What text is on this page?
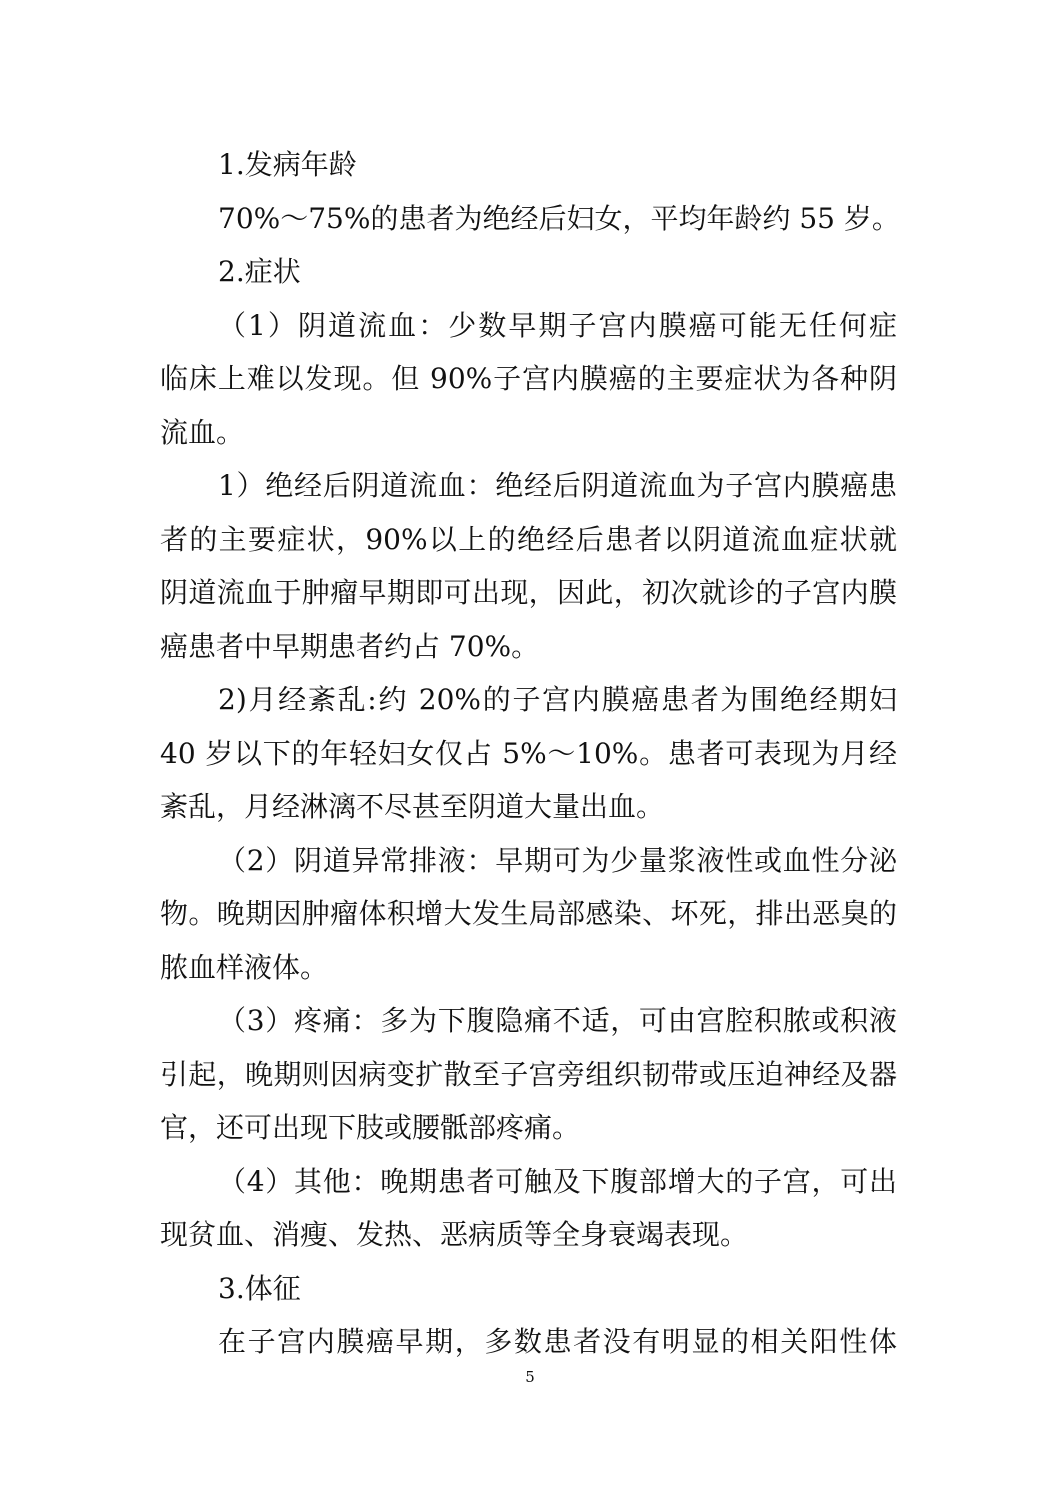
1.发病年龄
70%～75%的患者为绝经后妇女，平均年龄约 55 岁。
2.症状
（1）阴道流血：少数早期子宫内膜癌可能无任何症
临床上难以发现。但 90%子宫内膜癌的主要症状为各种阴
流血。
1）绝经后阴道流血：绝经后阴道流血为子宫内膜癌患
者的主要症状，90%以上的绝经后患者以阴道流血症状就
阴道流血于肿瘤早期即可出现，因此，初次就诊的子宫内膜
癌患者中早期患者约占 70%。
2)月经紊乱:约 20%的子宫内膜癌患者为围绝经期妇
40 岁以下的年轻妇女仅占 5%～10%。患者可表现为月经
紊乱，月经淋漓不尽甚至阴道大量出血。
（2）阴道异常排液：早期可为少量浆液性或血性分泌
物。晚期因肿瘤体积增大发生局部感染、坏死，排出恶臭的
脓血样液体。
（3）疼痛：多为下腹隐痛不适，可由宫腔积脓或积液
引起，晚期则因病变扩散至子宫旁组织韧带或压迫神经及器
官，还可出现下肢或腰骶部疼痛。
（4）其他：晚期患者可触及下腹部增大的子宫，可出
现贫血、消瘦、发热、恶病质等全身衰竭表现。
3.体征
在子宫内膜癌早期，多数患者没有明显的相关阳性体
5
